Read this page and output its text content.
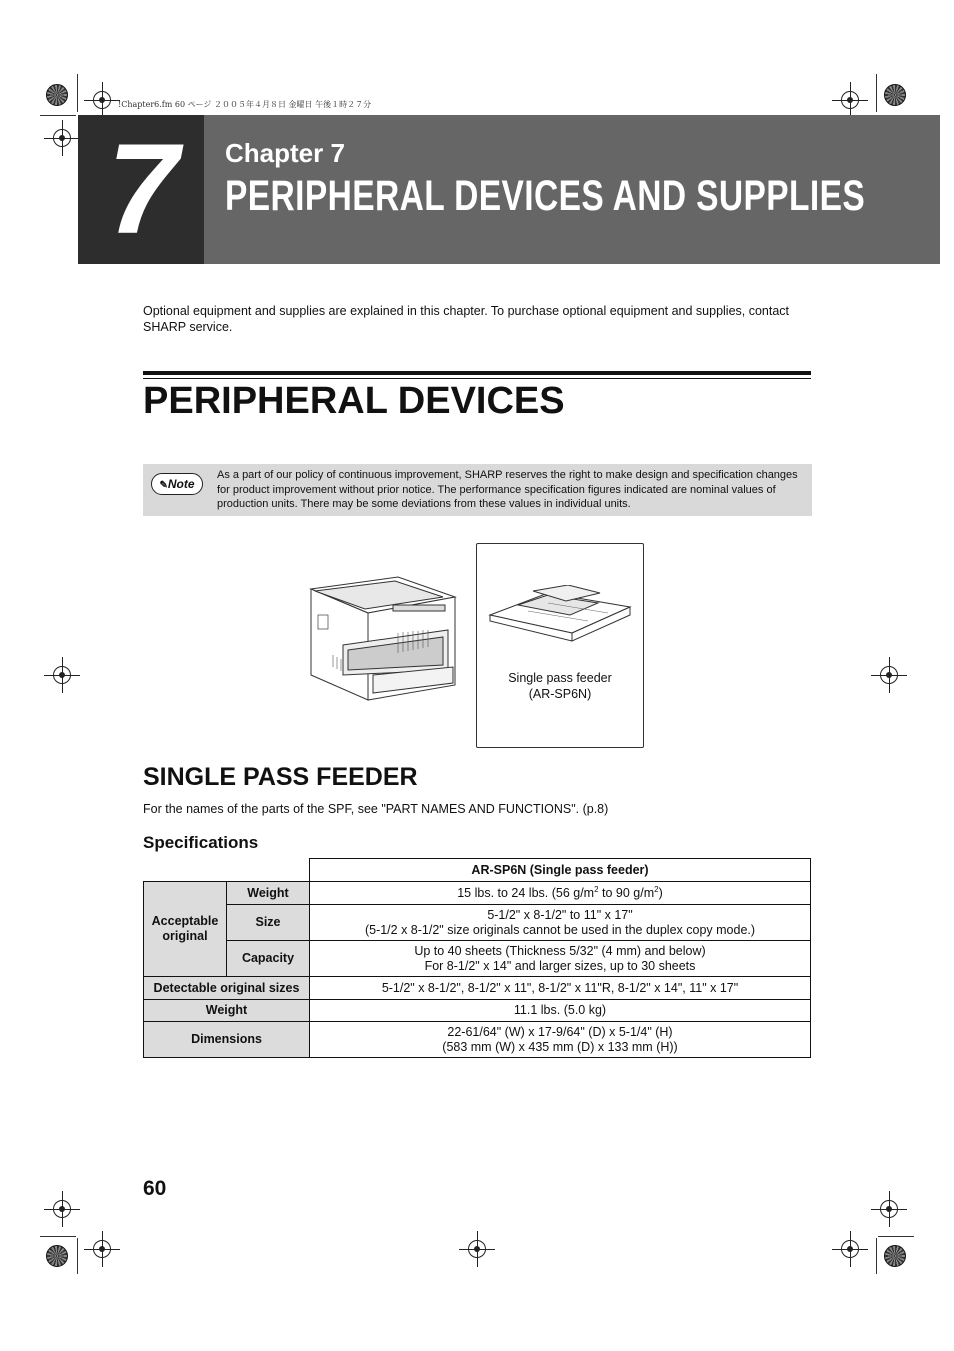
!Chapter6.fm 60 ページ ２００５年４月８日 金曜日 午後１時２７分
7	Chapter 7
PERIPHERAL DEVICES AND SUPPLIES
Optional equipment and supplies are explained in this chapter. To purchase optional equipment and supplies, contact SHARP service.
PERIPHERAL DEVICES
✎Note
As a part of our policy of continuous improvement, SHARP reserves the right to make design and specification changes for product improvement without prior notice. The performance specification figures indicated are nominal values of production units. There may be some deviations from these values in individual units.
Single pass feeder
(AR-SP6N)
SINGLE PASS FEEDER
For the names of the parts of the SPF, see "PART NAMES AND FUNCTIONS". (p.8)
Specifications
		AR-SP6N (Single pass feeder)
Acceptable original	Weight	15 lbs. to 24 lbs. (56 $g/m^2$ to 90 $g/m^2$)
	Size	5-1/2" x 8-1/2" to 11" x 17"
(5-1/2 x 8-1/2" size originals cannot be used in the duplex copy mode.)

	Capacity	Up to 40 sheets (Thickness 5/32" (4 mm) and below)
For 8-1/2" x 14" and larger sizes, up to 30 sheets

Detectable original sizes		5-1/2" x 8-1/2", 8-1/2" x 11", 8-1/2" x 11"R, 8-1/2" x 14", 11" x 17"
Weight		11.1 lbs. (5.0 kg)
Dimensions		22-61/64" (W) x 17-9/64" (D) x 5-1/4" (H)
(583 mm (W) x 435 mm (D) x 133 mm (H))
60
